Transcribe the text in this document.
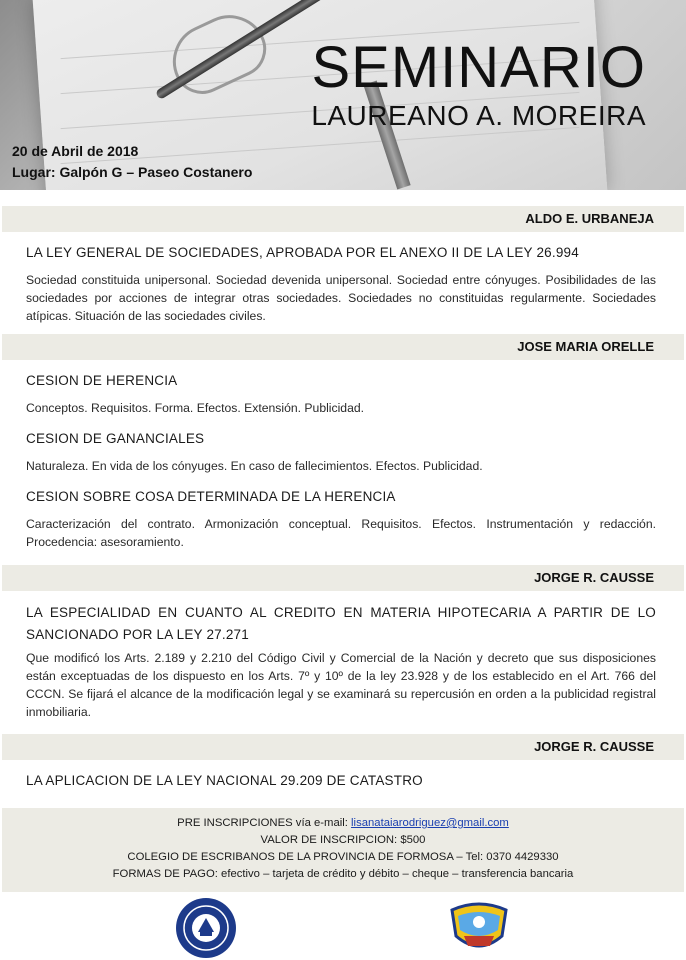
SEMINARIO
LAUREANO A. MOREIRA
20 de Abril de 2018
Lugar: Galpón G – Paseo Costanero
ALDO E. URBANEJA
LA LEY GENERAL DE SOCIEDADES, APROBADA POR EL ANEXO II DE LA LEY 26.994
Sociedad constituida unipersonal. Sociedad devenida unipersonal. Sociedad entre cónyuges. Posibilidades de las sociedades por acciones de integrar otras sociedades. Sociedades no constituidas regularmente. Sociedades atípicas. Situación de las sociedades civiles.
JOSE MARIA ORELLE
CESION DE HERENCIA
Conceptos. Requisitos. Forma. Efectos. Extensión. Publicidad.
CESION DE GANANCIALES
Naturaleza. En vida de los cónyuges. En caso de fallecimientos. Efectos. Publicidad.
CESION SOBRE COSA DETERMINADA DE LA HERENCIA
Caracterización del contrato. Armonización conceptual. Requisitos. Efectos. Instrumentación y redacción. Procedencia: asesoramiento.
JORGE R. CAUSSE
LA ESPECIALIDAD EN CUANTO AL CREDITO EN MATERIA HIPOTECARIA A PARTIR DE LO SANCIONADO POR LA LEY 27.271
Que modificó los Arts. 2.189 y 2.210 del Código Civil y Comercial de la Nación y decreto que sus disposiciones están exceptuadas de los dispuesto en los Arts. 7º y 10º de la ley 23.928 y de los establecido en el Art. 766 del CCCN. Se fijará el alcance de la modificación legal y se examinará su repercusión en orden a la publicidad registral inmobiliaria.
JORGE R. CAUSSE
LA APLICACION DE LA LEY NACIONAL 29.209 DE CATASTRO
PRE INSCRIPCIONES vía e-mail: lisanataiarodriguez@gmail.com
VALOR DE INSCRIPCION: $500
COLEGIO DE ESCRIBANOS DE LA PROVINCIA DE FORMOSA – Tel: 0370 4429330
FORMAS DE PAGO: efectivo – tarjeta de crédito y débito – cheque – transferencia bancaria
